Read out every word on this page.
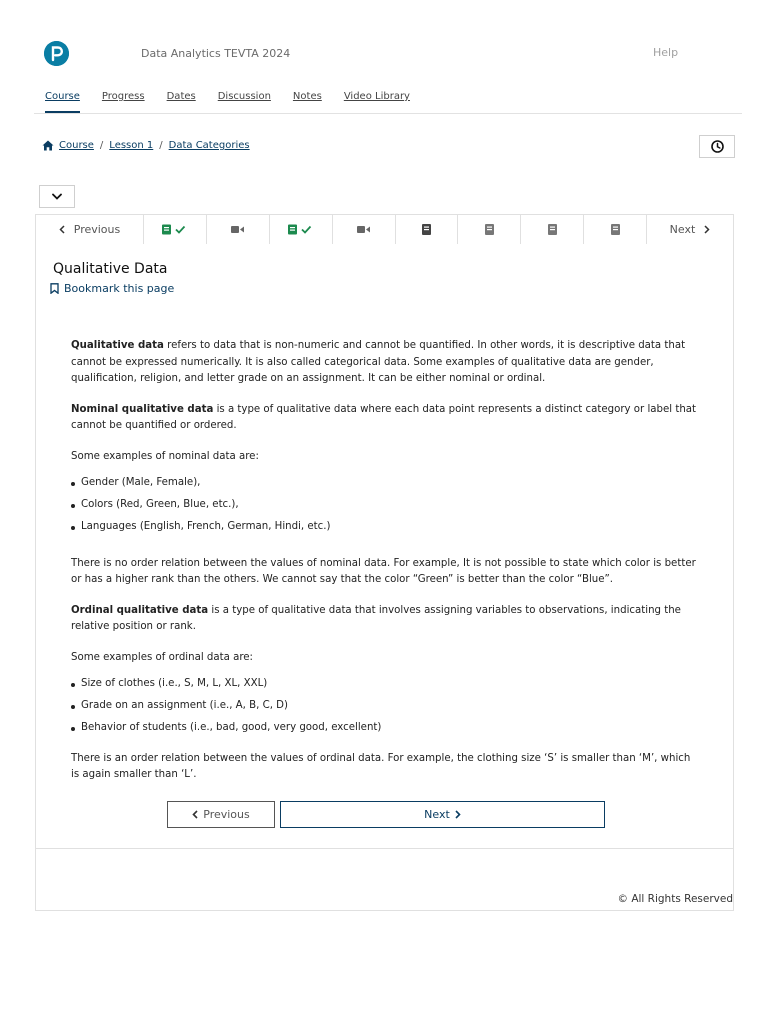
Data Analytics TEVTA 2024	Help
Course Progress Dates Discussion Notes Video Library
Course / Lesson 1 / Data Categories
Previous	Next
Qualitative Data
Bookmark this page

Qualitative data refers to data that is non-numeric and cannot be quantified. In other words, it is descriptive data that cannot be expressed numerically. It is also called categorical data. Some examples of qualitative data are gender, qualification, religion, and letter grade on an assignment. It can be either nominal or ordinal.

Nominal qualitative data is a type of qualitative data where each data point represents a distinct category or label that cannot be quantified or ordered.

Some examples of nominal data are:

Gender (Male, Female),
Colors (Red, Green, Blue, etc.),
Languages (English, French, German, Hindi, etc.)

There is no order relation between the values of nominal data. For example, It is not possible to state which color is better or has a higher rank than the others. We cannot say that the color “Green” is better than the color “Blue”.

Ordinal qualitative data is a type of qualitative data that involves assigning variables to observations, indicating the relative position or rank.

Some examples of ordinal data are:

Size of clothes (i.e., S, M, L, XL, XXL)
Grade on an assignment (i.e., A, B, C, D)
Behavior of students (i.e., bad, good, very good, excellent)

There is an order relation between the values of ordinal data. For example, the clothing size ‘S’ is smaller than ‘M’, which is again smaller than ‘L’.

Previous	Next
© All Rights Reserved
